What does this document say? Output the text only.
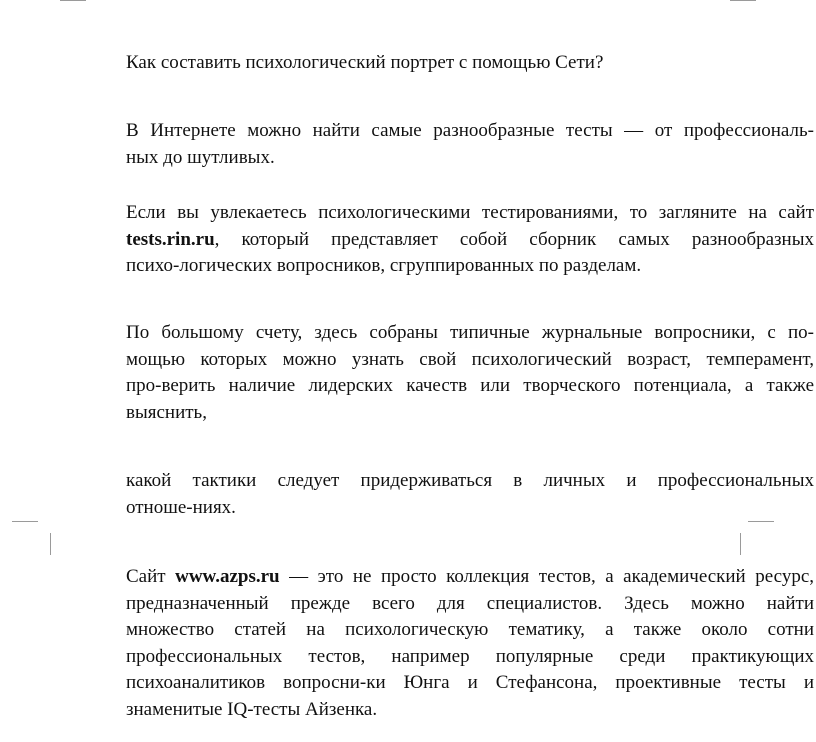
Как составить психологический портрет с помощью Сети?
В Интернете можно найти самые разнообразные тесты — от профессиональ-
ных до шутливых.
Если вы увлекаетесь психологическими тестированиями, то загляните на сайт
tests.rin.ru, который представляет собой сборник самых разнообразных
психо-логических вопросников, сгруппированных по разделам.
По большому счету, здесь собраны типичные журнальные вопросники, с по-
мощью которых можно узнать свой психологический возраст, темперамент,
про-верить наличие лидерских качеств или творческого потенциала, а также
выяснить,
какой тактики следует придерживаться в личных и профессиональных
отноше-ниях.
Сайт www.azps.ru — это не просто коллекция тестов, а академический ресурс,
предназначенный прежде всего для специалистов. Здесь можно найти
множество статей на психологическую тематику, а также около сотни
профессиональных тестов, например популярные среди практикующих
психоаналитиков вопросни-ки Юнга и Стефансона, проективные тесты и
знаменитые IQ-тесты Айзенка.
